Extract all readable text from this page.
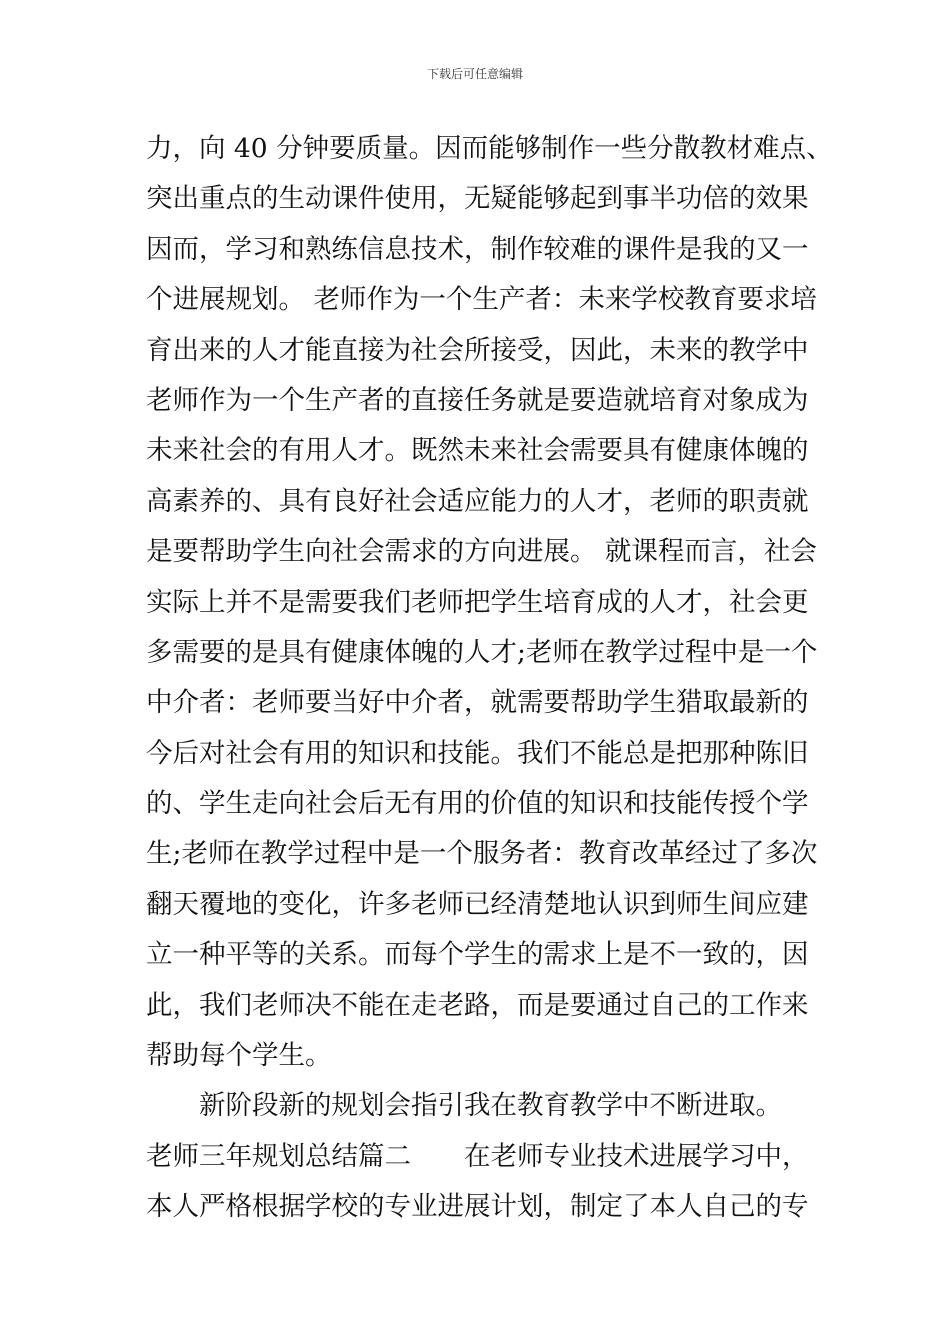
下载后可任意编辑
力，向 40 分钟要质量。因而能够制作一些分散教材难点、
突出重点的生动课件使用，无疑能够起到事半功倍的效果
因而，学习和熟练信息技术，制作较难的课件是我的又一
个进展规划。 老师作为一个生产者：未来学校教育要求培
育出来的人才能直接为社会所接受，因此，未来的教学中
老师作为一个生产者的直接任务就是要造就培育对象成为
未来社会的有用人才。既然未来社会需要具有健康体魄的
高素养的、具有良好社会适应能力的人才，老师的职责就
是要帮助学生向社会需求的方向进展。 就课程而言，社会
实际上并不是需要我们老师把学生培育成的人才，社会更
多需要的是具有健康体魄的人才;老师在教学过程中是一个
中介者：老师要当好中介者，就需要帮助学生猎取最新的
今后对社会有用的知识和技能。我们不能总是把那种陈旧
的、学生走向社会后无有用的价值的知识和技能传授个学
生;老师在教学过程中是一个服务者：教育改革经过了多次
翻天覆地的变化，许多老师已经清楚地认识到师生间应建
立一种平等的关系。而每个学生的需求上是不一致的，因
此，我们老师决不能在走老路，而是要通过自己的工作来
帮助每个学生。
新阶段新的规划会指引我在教育教学中不断进取。
老师三年规划总结篇二　　在老师专业技术进展学习中，
本人严格根据学校的专业进展计划，制定了本人自己的专
